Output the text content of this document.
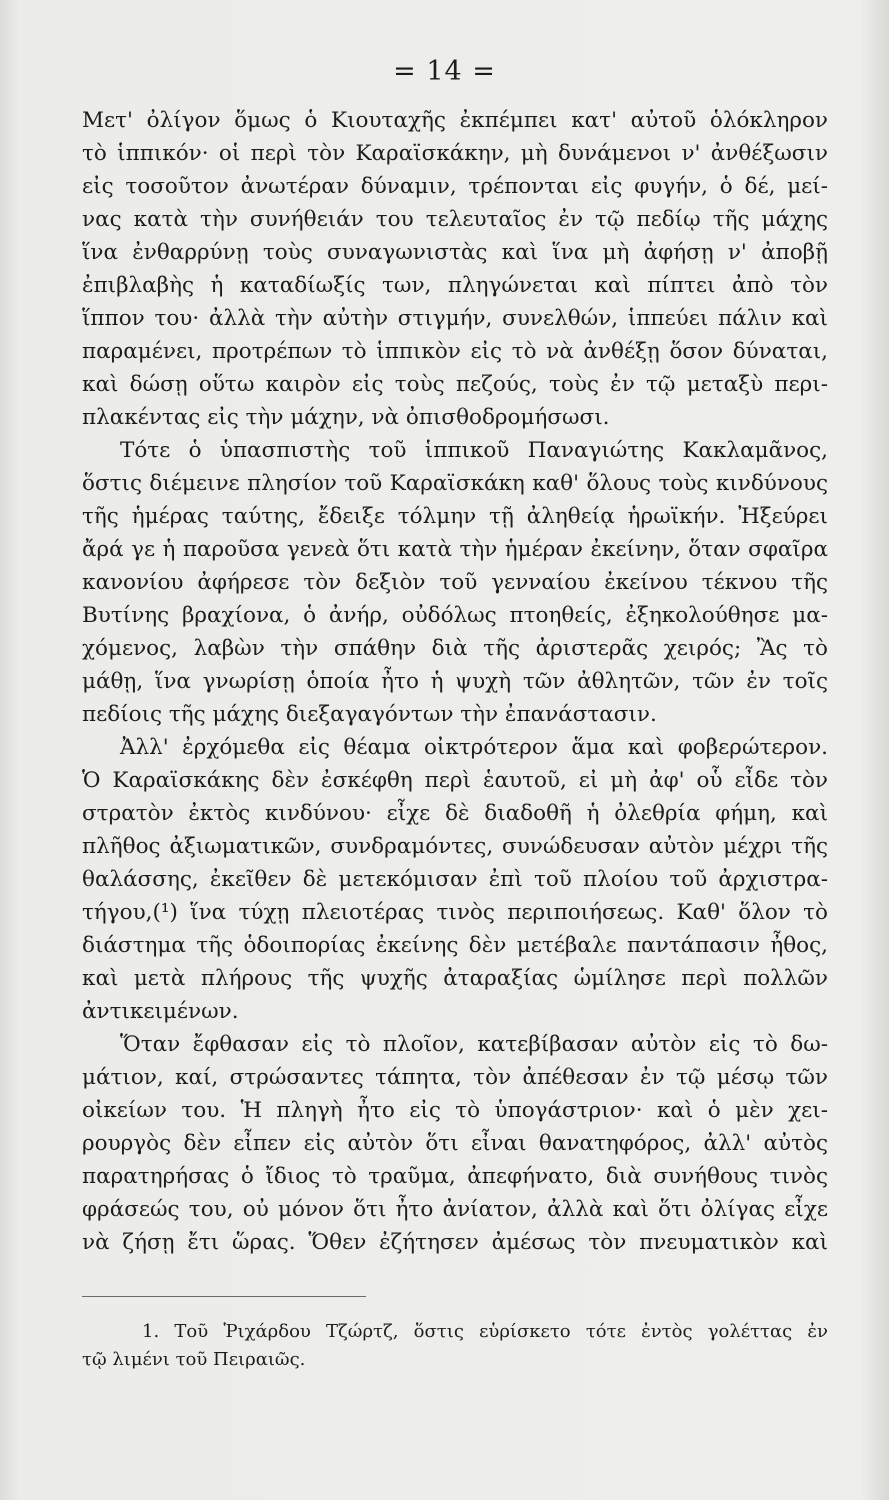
= 14 =
Μετ' ὀλίγον ὅμως ὁ Κιουταχῆς ἐκπέμπει κατ' αὐτοῦ ὁλόκληρον
τὸ ἱππικόν· οἱ περὶ τὸν Καραϊσκάκην, μὴ δυνάμενοι ν' ἀνθέξωσιν
εἰς τοσοῦτον ἀνωτέραν δύναμιν, τρέπονται εἰς φυγήν, ὁ δέ, μεί-
νας κατὰ τὴν συνήθειάν του τελευταῖος ἐν τῷ πεδίῳ τῆς μάχης
ἵνα ἐνθαρρύνῃ τοὺς συναγωνιστὰς καὶ ἵνα μὴ ἀφήσῃ ν' ἀποβῇ
ἐπιβλαβὴς ἡ καταδίωξίς των, πληγώνεται καὶ πίπτει ἀπὸ τὸν
ἵππον του· ἀλλὰ τὴν αὐτὴν στιγμήν, συνελθών, ἱππεύει πάλιν καὶ
παραμένει, προτρέπων τὸ ἱππικὸν εἰς τὸ νὰ ἀνθέξῃ ὅσον δύναται,
καὶ δώσῃ οὕτω καιρὸν εἰς τοὺς πεζούς, τοὺς ἐν τῷ μεταξὺ περι-
πλακέντας εἰς τὴν μάχην, νὰ ὀπισθοδρομήσωσι.
Τότε ὁ ὑπασπιστὴς τοῦ ἱππικοῦ Παναγιώτης Κακλαμᾶνος,
ὅστις διέμεινε πλησίον τοῦ Καραϊσκάκη καθ' ὅλους τοὺς κινδύνους
τῆς ἡμέρας ταύτης, ἔδειξε τόλμην τῇ ἀληθείᾳ ἡρωϊκήν. Ἠξεύρει
ἄρά γε ἡ παροῦσα γενεὰ ὅτι κατὰ τὴν ἡμέραν ἐκείνην, ὅταν σφαῖρα
κανονίου ἀφήρεσε τὸν δεξιὸν τοῦ γενναίου ἐκείνου τέκνου τῆς
Βυτίνης βραχίονα, ὁ ἀνήρ, οὐδόλως πτοηθείς, ἐξηκολούθησε μα-
χόμενος, λαβὼν τὴν σπάθην διὰ τῆς ἀριστερᾶς χειρός; Ἂς τὸ
μάθῃ, ἵνα γνωρίσῃ ὁποία ἦτο ἡ ψυχὴ τῶν ἀθλητῶν, τῶν ἐν τοῖς
πεδίοις τῆς μάχης διεξαγαγόντων τὴν ἐπανάστασιν.
Ἀλλ' ἐρχόμεθα εἰς θέαμα οἰκτρότερον ἅμα καὶ φοβερώτερον.
Ὁ Καραϊσκάκης δὲν ἐσκέφθη περὶ ἑαυτοῦ, εἰ μὴ ἀφ' οὗ εἶδε τὸν
στρατὸν ἐκτὸς κινδύνου· εἶχε δὲ διαδοθῆ ἡ ὀλεθρία φήμη, καὶ
πλῆθος ἀξιωματικῶν, συνδραμόντες, συνώδευσαν αὐτὸν μέχρι τῆς
θαλάσσης, ἐκεῖθεν δὲ μετεκόμισαν ἐπὶ τοῦ πλοίου τοῦ ἀρχιστρα-
τήγου,(¹) ἵνα τύχῃ πλειοτέρας τινὸς περιποιήσεως. Καθ' ὅλον τὸ
διάστημα τῆς ὁδοιπορίας ἐκείνης δὲν μετέβαλε παντάπασιν ἦθος,
καὶ μετὰ πλήρους τῆς ψυχῆς ἀταραξίας ὡμίλησε περὶ πολλῶν
ἀντικειμένων.
Ὅταν ἔφθασαν εἰς τὸ πλοῖον, κατεβίβασαν αὐτὸν εἰς τὸ δω-
μάτιον, καί, στρώσαντες τάπητα, τὸν ἀπέθεσαν ἐν τῷ μέσῳ τῶν
οἰκείων του. Ἡ πληγὴ ἦτο εἰς τὸ ὑπογάστριον· καὶ ὁ μὲν χει-
ρουργὸς δὲν εἶπεν εἰς αὐτὸν ὅτι εἶναι θανατηφόρος, ἀλλ' αὐτὸς
παρατηρήσας ὁ ἴδιος τὸ τραῦμα, ἀπεφήνατο, διὰ συνήθους τινὸς
φράσεώς του, οὐ μόνον ὅτι ἦτο ἀνίατον, ἀλλὰ καὶ ὅτι ὀλίγας εἶχε
νὰ ζήσῃ ἔτι ὥρας. Ὅθεν ἐζήτησεν ἀμέσως τὸν πνευματικὸν καὶ
1. Τοῦ Ῥιχάρδου Τζώρτζ, ὅστις εὑρίσκετο τότε ἐντὸς γολέττας ἐν
τῷ λιμένι τοῦ Πειραιῶς.
